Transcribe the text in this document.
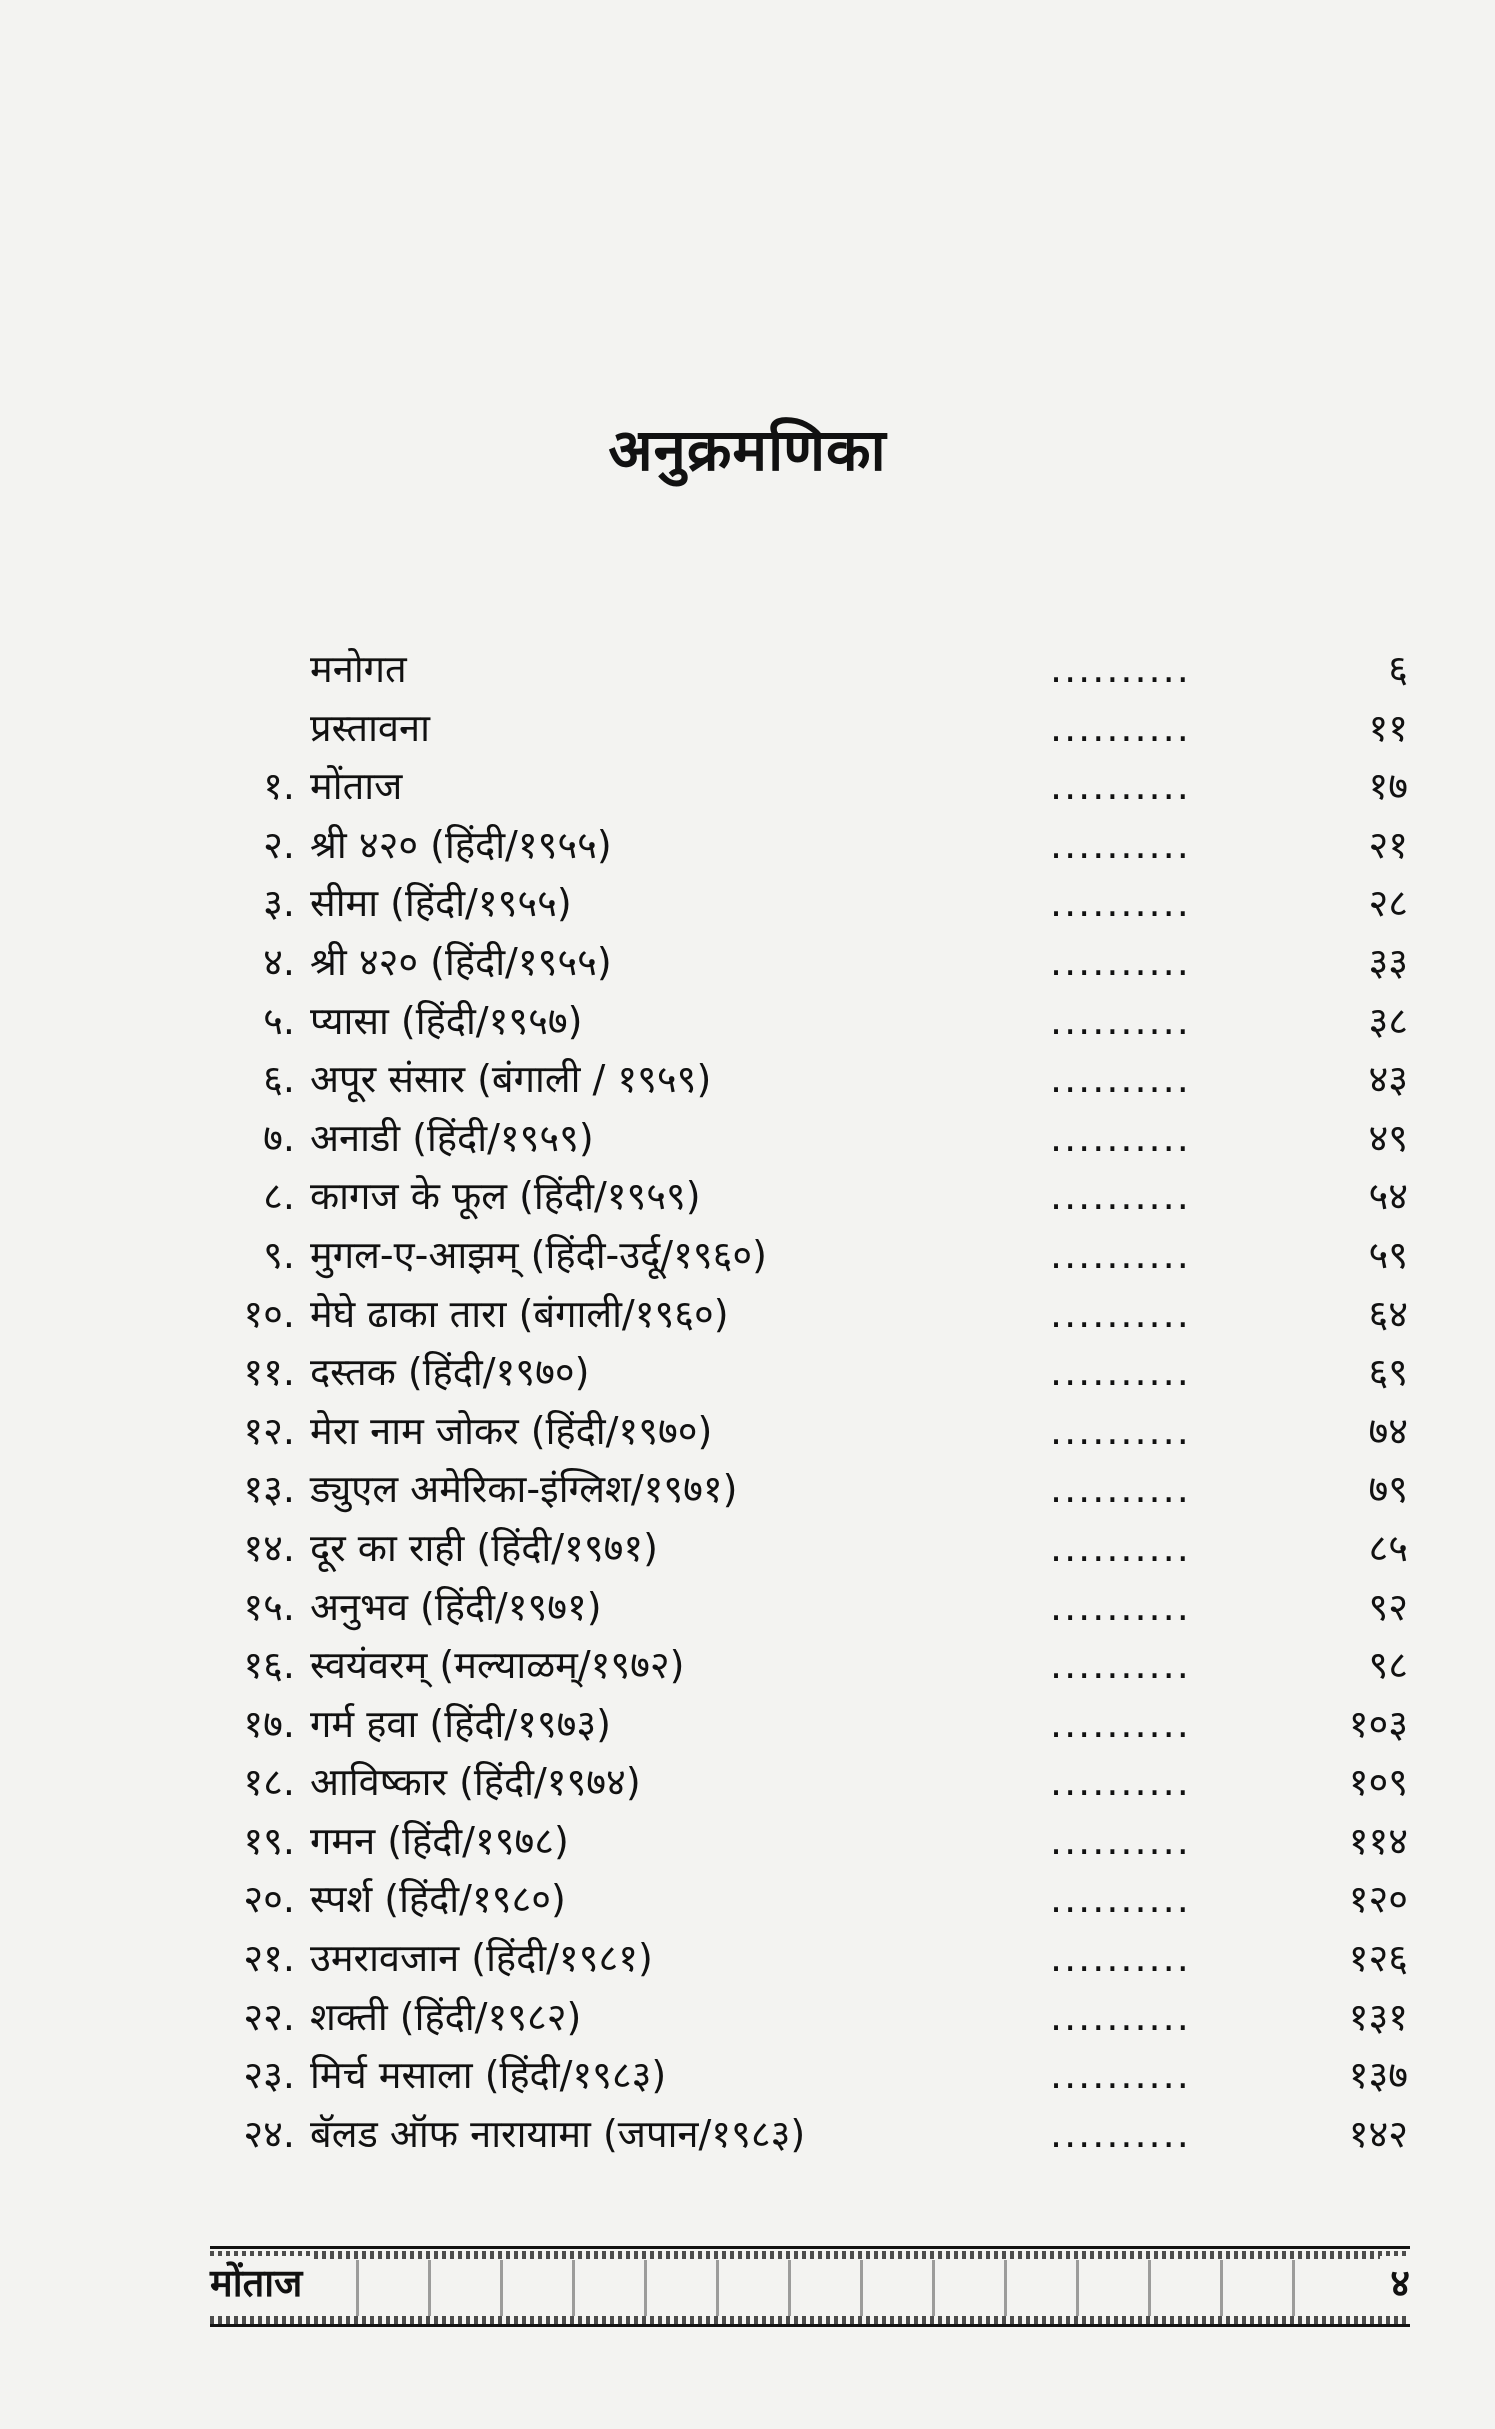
अनुक्रमणिका
मनोगत	..........	६
प्रस्तावना	..........	११
१. मोंताज	..........	१७
२. श्री ४२० (हिंदी/१९५५)	..........	२१
३. सीमा (हिंदी/१९५५)	..........	२८
४. श्री ४२० (हिंदी/१९५५)	..........	३३
५. प्यासा (हिंदी/१९५७)	..........	३८
६. अपूर संसार (बंगाली / १९५९)	..........	४३
७. अनाडी (हिंदी/१९५९)	..........	४९
८. कागज के फूल (हिंदी/१९५९)	..........	५४
९. मुगल-ए-आझम् (हिंदी-उर्दू/१९६०)	..........	५९
१०. मेघे ढाका तारा (बंगाली/१९६०)	..........	६४
११. दस्तक (हिंदी/१९७०)	..........	६९
१२. मेरा नाम जोकर (हिंदी/१९७०)	..........	७४
१३. ड्युएल अमेरिका-इंग्लिश/१९७१)	..........	७९
१४. दूर का राही (हिंदी/१९७१)	..........	८५
१५. अनुभव (हिंदी/१९७१)	..........	९२
१६. स्वयंवरम् (मल्याळम्/१९७२)	..........	९८
१७. गर्म हवा (हिंदी/१९७३)	..........	१०३
१८. आविष्कार (हिंदी/१९७४)	..........	१०९
१९. गमन (हिंदी/१९७८)	..........	११४
२०. स्पर्श (हिंदी/१९८०)	..........	१२०
२१. उमरावजान (हिंदी/१९८१)	..........	१२६
२२. शक्ती (हिंदी/१९८२)	..........	१३१
२३. मिर्च मसाला (हिंदी/१९८३)	..........	१३७
२४. बॅलड ऑफ नारायामा (जपान/१९८३)	..........	१४२
मोंताज	४
